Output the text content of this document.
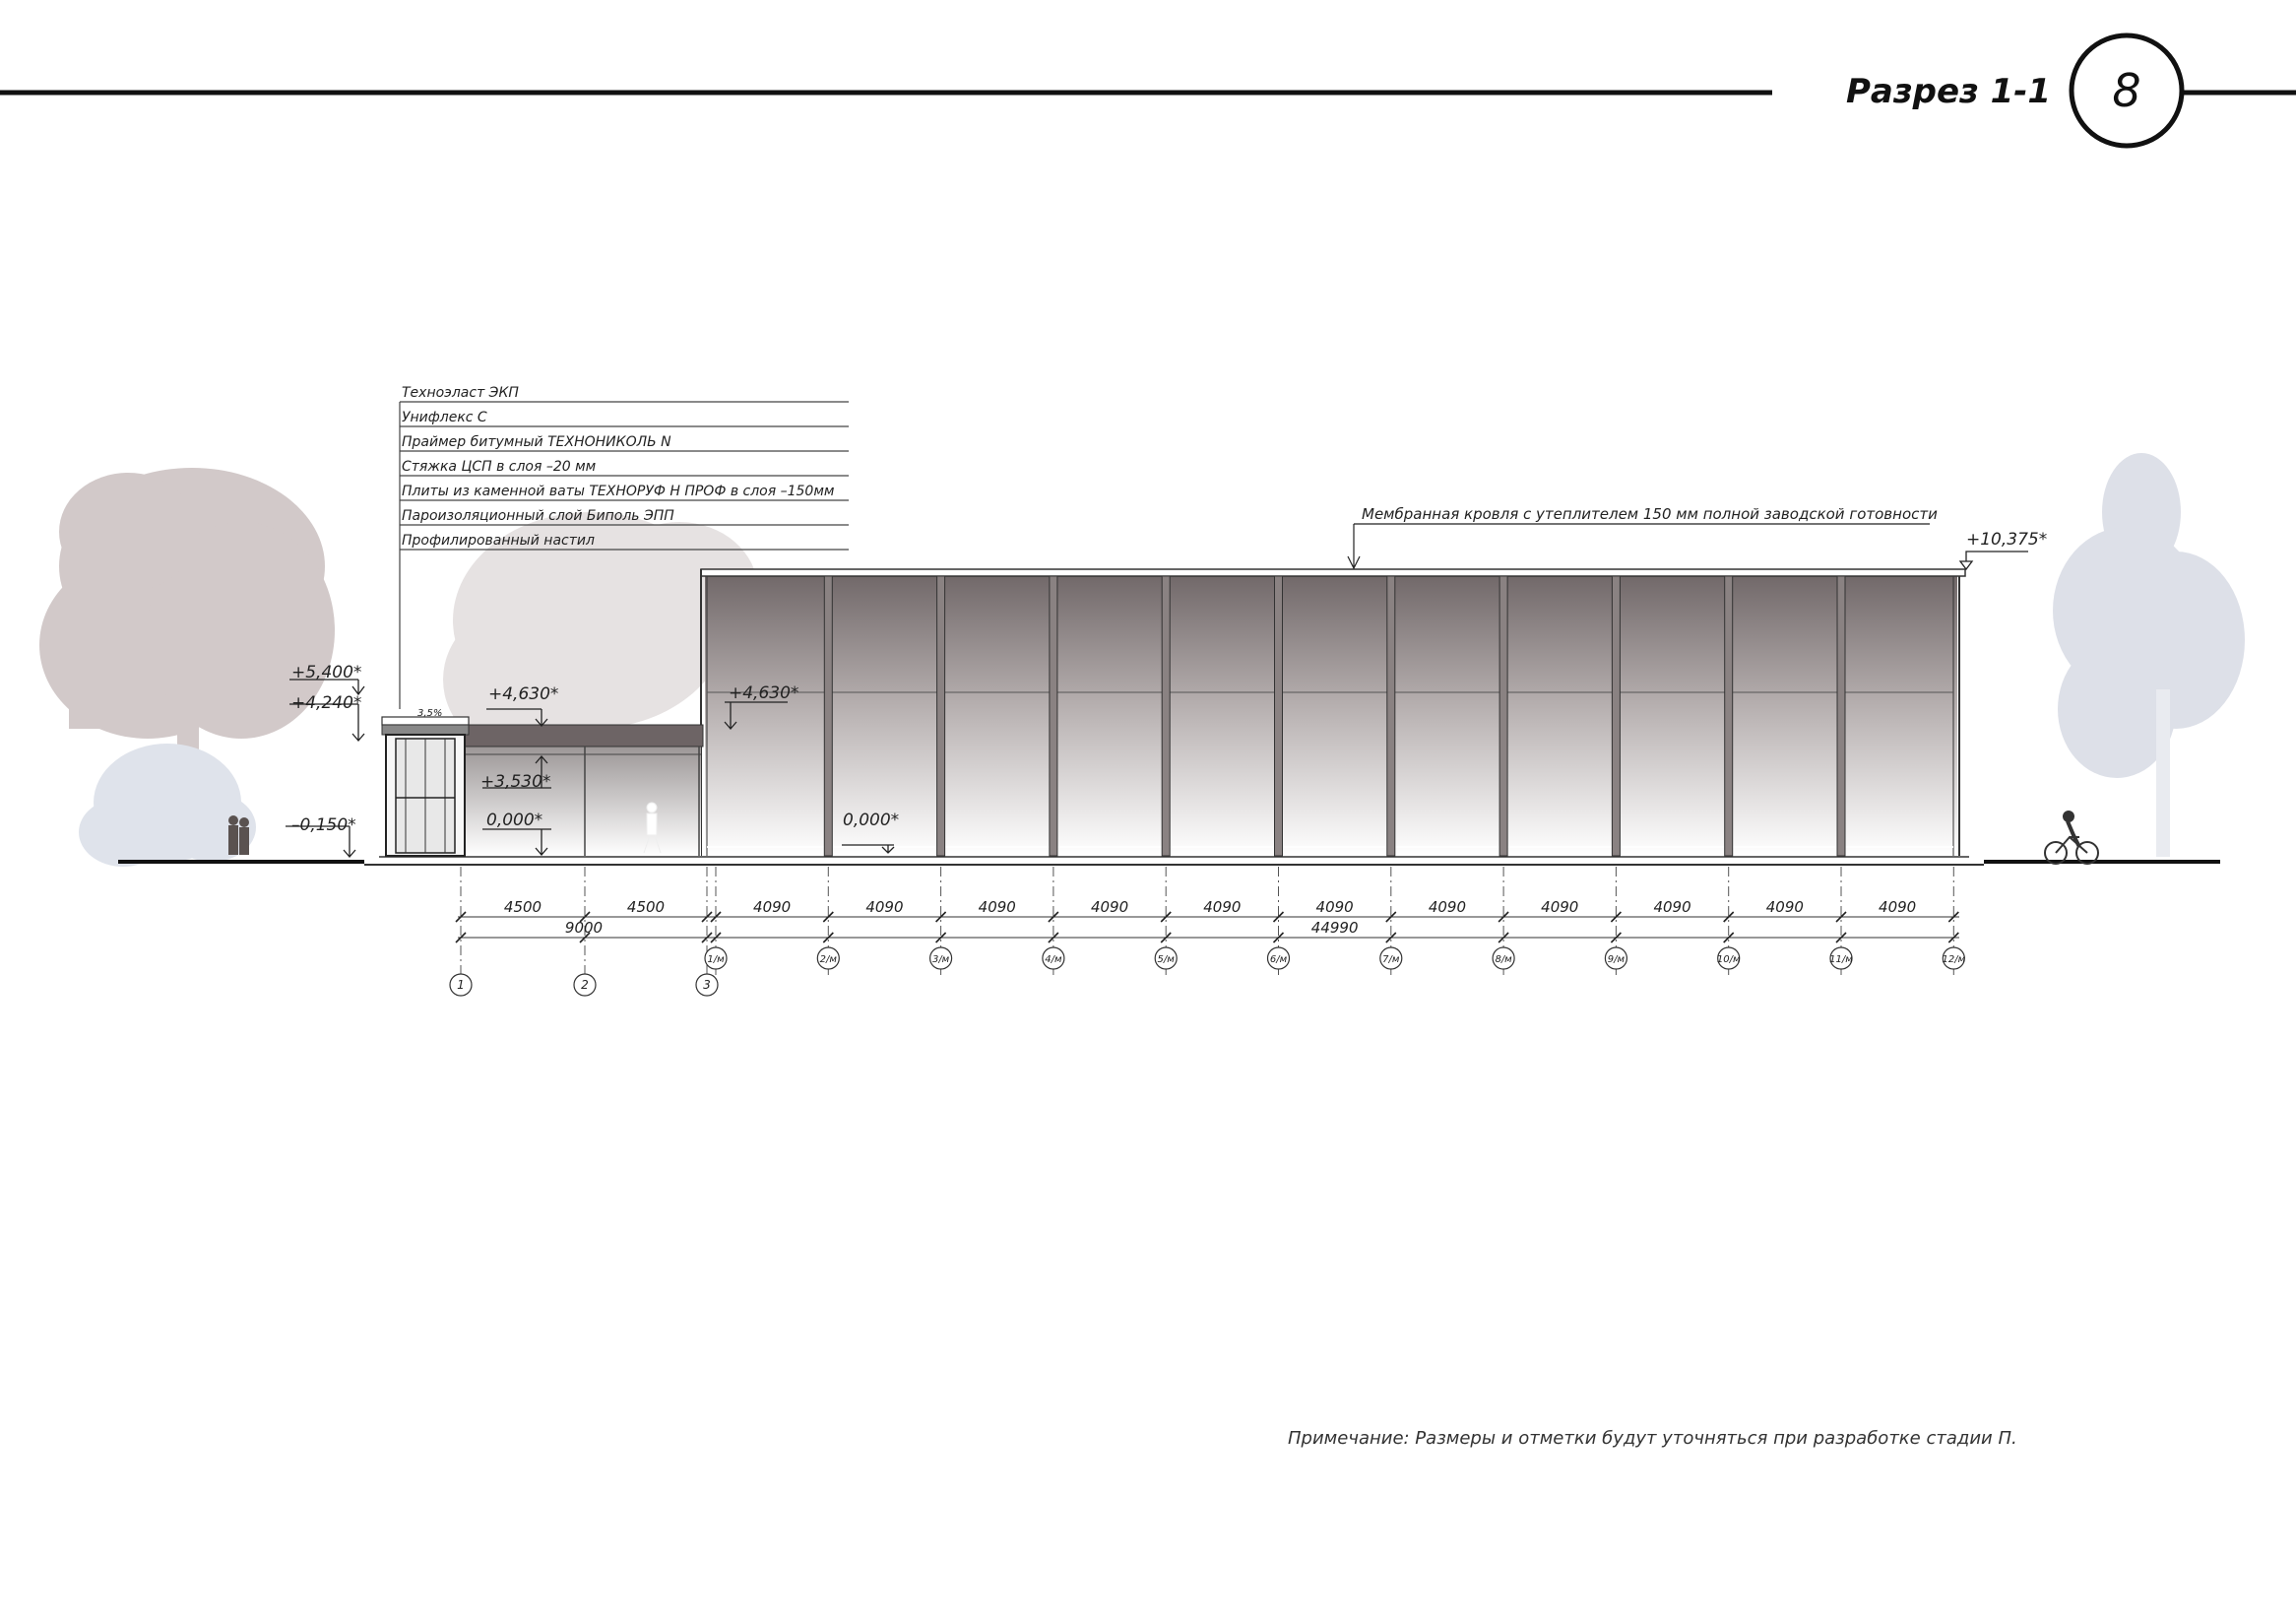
Разрез 1-1 8
Техноэласт ЭКП
Унифлекс С
Праймер битумный ТЕХНОНИКОЛЬ N
Стяжка ЦСП в слоя –20 мм
Плиты из каменной ваты ТЕХНОРУФ Н ПРОФ в слоя –150мм
Пароизоляционный слой Биполь ЭПП
Профилированный настил
3,5%
+10,375*
+5,400*
+4,240*	+4,630*	+4,630*
+3,530*
0,000*	0,000*
–0,150*
Мембранная кровля с утеплителем 150 мм полной заводской готовности
4500	4500
9000
4090	4090	4090	4090	4090	4090	4090	4090	4090	4090	4090
44990
1	2	3
1/м	2/м	3/м	4/м	5/м	6/м	7/м	8/м	9/м	10/м	11/м	12/м
Примечание: Размеры и отметки будут уточняться при разработке стадии П.
